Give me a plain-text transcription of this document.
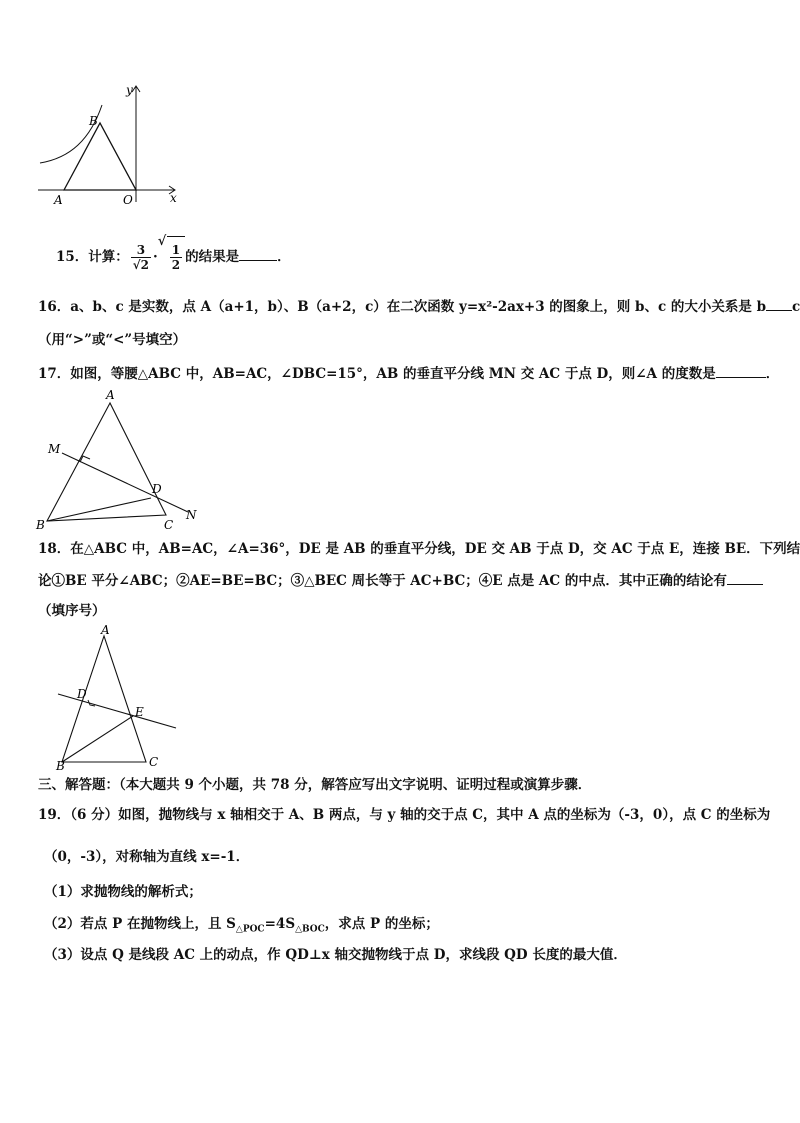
y
x
B
A	O
15．计算： $\frac{3}{√2}$ ·
√
$\frac{1}{2}$ 的结果是	．
16．a、b、c 是实数，点 A（a+1，b）、B（a+2，c）在二次函数 y=x²-2ax+3 的图象上，则 b、c 的大小关系是 b c
（用“>”或“<”号填空）
17．如图，等腰△ABC 中，AB=AC，∠DBC=15°，AB 的垂直平分线 MN 交 AC 于点 D，则∠A 的度数是	．
A
M
D
B	C
N
18．在△ABC 中，AB=AC，∠A=36°，DE 是 AB 的垂直平分线，DE 交 AB 于点 D，交 AC 于点 E，连接 BE．下列结
论①BE 平分∠ABC；②AE=BE=BC；③△BEC 周长等于 AC+BC；④E 点是 AC 的中点．其中正确的结论有
（填序号）
A
D
E
B	C
三、解答题：（本大题共 9 个小题，共 78 分，解答应写出文字说明、证明过程或演算步骤．
19．（6 分）如图，抛物线与 x 轴相交于 A、B 两点，与 y 轴的交于点 C，其中 A 点的坐标为（-3，0），点 C 的坐标为
（0，-3），对称轴为直线 x=-1．
（1）求抛物线的解析式；
（2）若点 P 在抛物线上，且 $S_{\triangle POC}=4S_{\triangle BOC}$，求点 P 的坐标；
（3）设点 Q 是线段 AC 上的动点，作 QD⊥x 轴交抛物线于点 D，求线段 QD 长度的最大值．
